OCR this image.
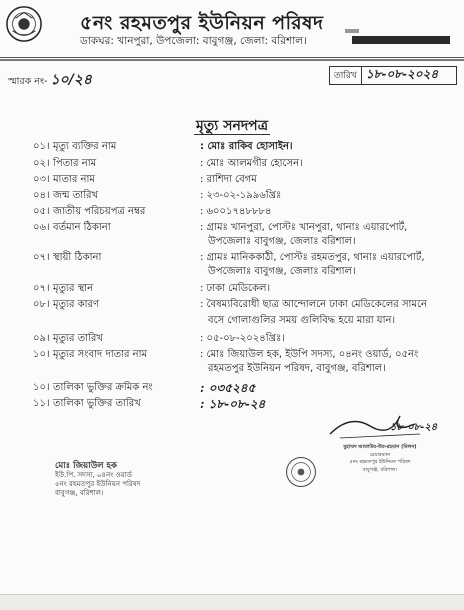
৫নং রহমতপুর ইউনিয়ন পরিষদ
ডাকঘর: খানপুরা, উপজেলা: বাবুগঞ্জ, জেলা: বরিশাল।
স্মারক নং- ১০/২৪	তারিখ ১৮-০৮-২০২৪
মৃত্যু সনদপত্র
০১। মৃত্যু ব্যক্তির নাম	: মোঃ রাকিব হোসাইন।
০২। পিতার নাম	: মোঃ আলমগীর হোসেন।
০৩। মাতার নাম	: রাশিদা বেগম
০৪। জন্ম তারিখ	: ২৩-০২-১৯৯৬খ্রিঃ
০৫। জাতীয় পরিচয়পত্র নম্বর	: ৬০০১৭৪৮৮৮৪
০৬। বর্তমান ঠিকানা	: গ্রামঃ খানপুরা, পোস্টঃ খানপুরা, থানাঃ এয়ারপোর্ট,
উপজেলাঃ বাবুগঞ্জ, জেলাঃ বরিশাল।
০৭। স্থায়ী ঠিকানা	: গ্রামঃ মানিককাঠী, পোস্টঃ রহমতপুর, থানাঃ এয়ারপোর্ট,
উপজেলাঃ বাবুগঞ্জ, জেলাঃ বরিশাল।
০৭। মৃত্যুর স্থান	: ঢাকা মেডিকেল।
০৮। মৃত্যুর কারণ	: বৈষম্যবিরোধী ছাত্র আন্দোলনে ঢাকা মেডিকেলের সামনে
বসে গোলাগুলির সময় গুলিবিদ্ধ হয়ে মারা যান।
০৯। মৃত্যুর তারিখ	: ০৫-০৮-২০২৪খ্রিঃ।
১০। মৃত্যুর সংবাদ দাতার নাম	: মোঃ জিয়াউল হক, ইউপি সদস্য, ০৪নং ওয়ার্ড, ০৫নং
রহমতপুর ইউনিয়ন পরিষদ, বাবুগঞ্জ, বরিশাল।
১০। তালিকা ভুক্তির ক্রমিক নং	: ০৩৫২৪৫
১১। তালিকা ভুক্তির তারিখ	: ১৮-০৮-২৪
১৮-০৮-২৪
মুহাম্মদ আতাউর-উর-রহমান (মিলন)
চেয়ারম্যান
৫নং রহমতপুর ইউনিয়ন পরিষদ
বাবুগঞ্জ, বরিশাল।
মোঃ জিয়াউল হক
ইউ.পি. সদস্য, ০৪নং ওয়ার্ড
৫নং রহমতপুর ইউনিয়ন পরিষদ
বাবুগঞ্জ, বরিশাল।
